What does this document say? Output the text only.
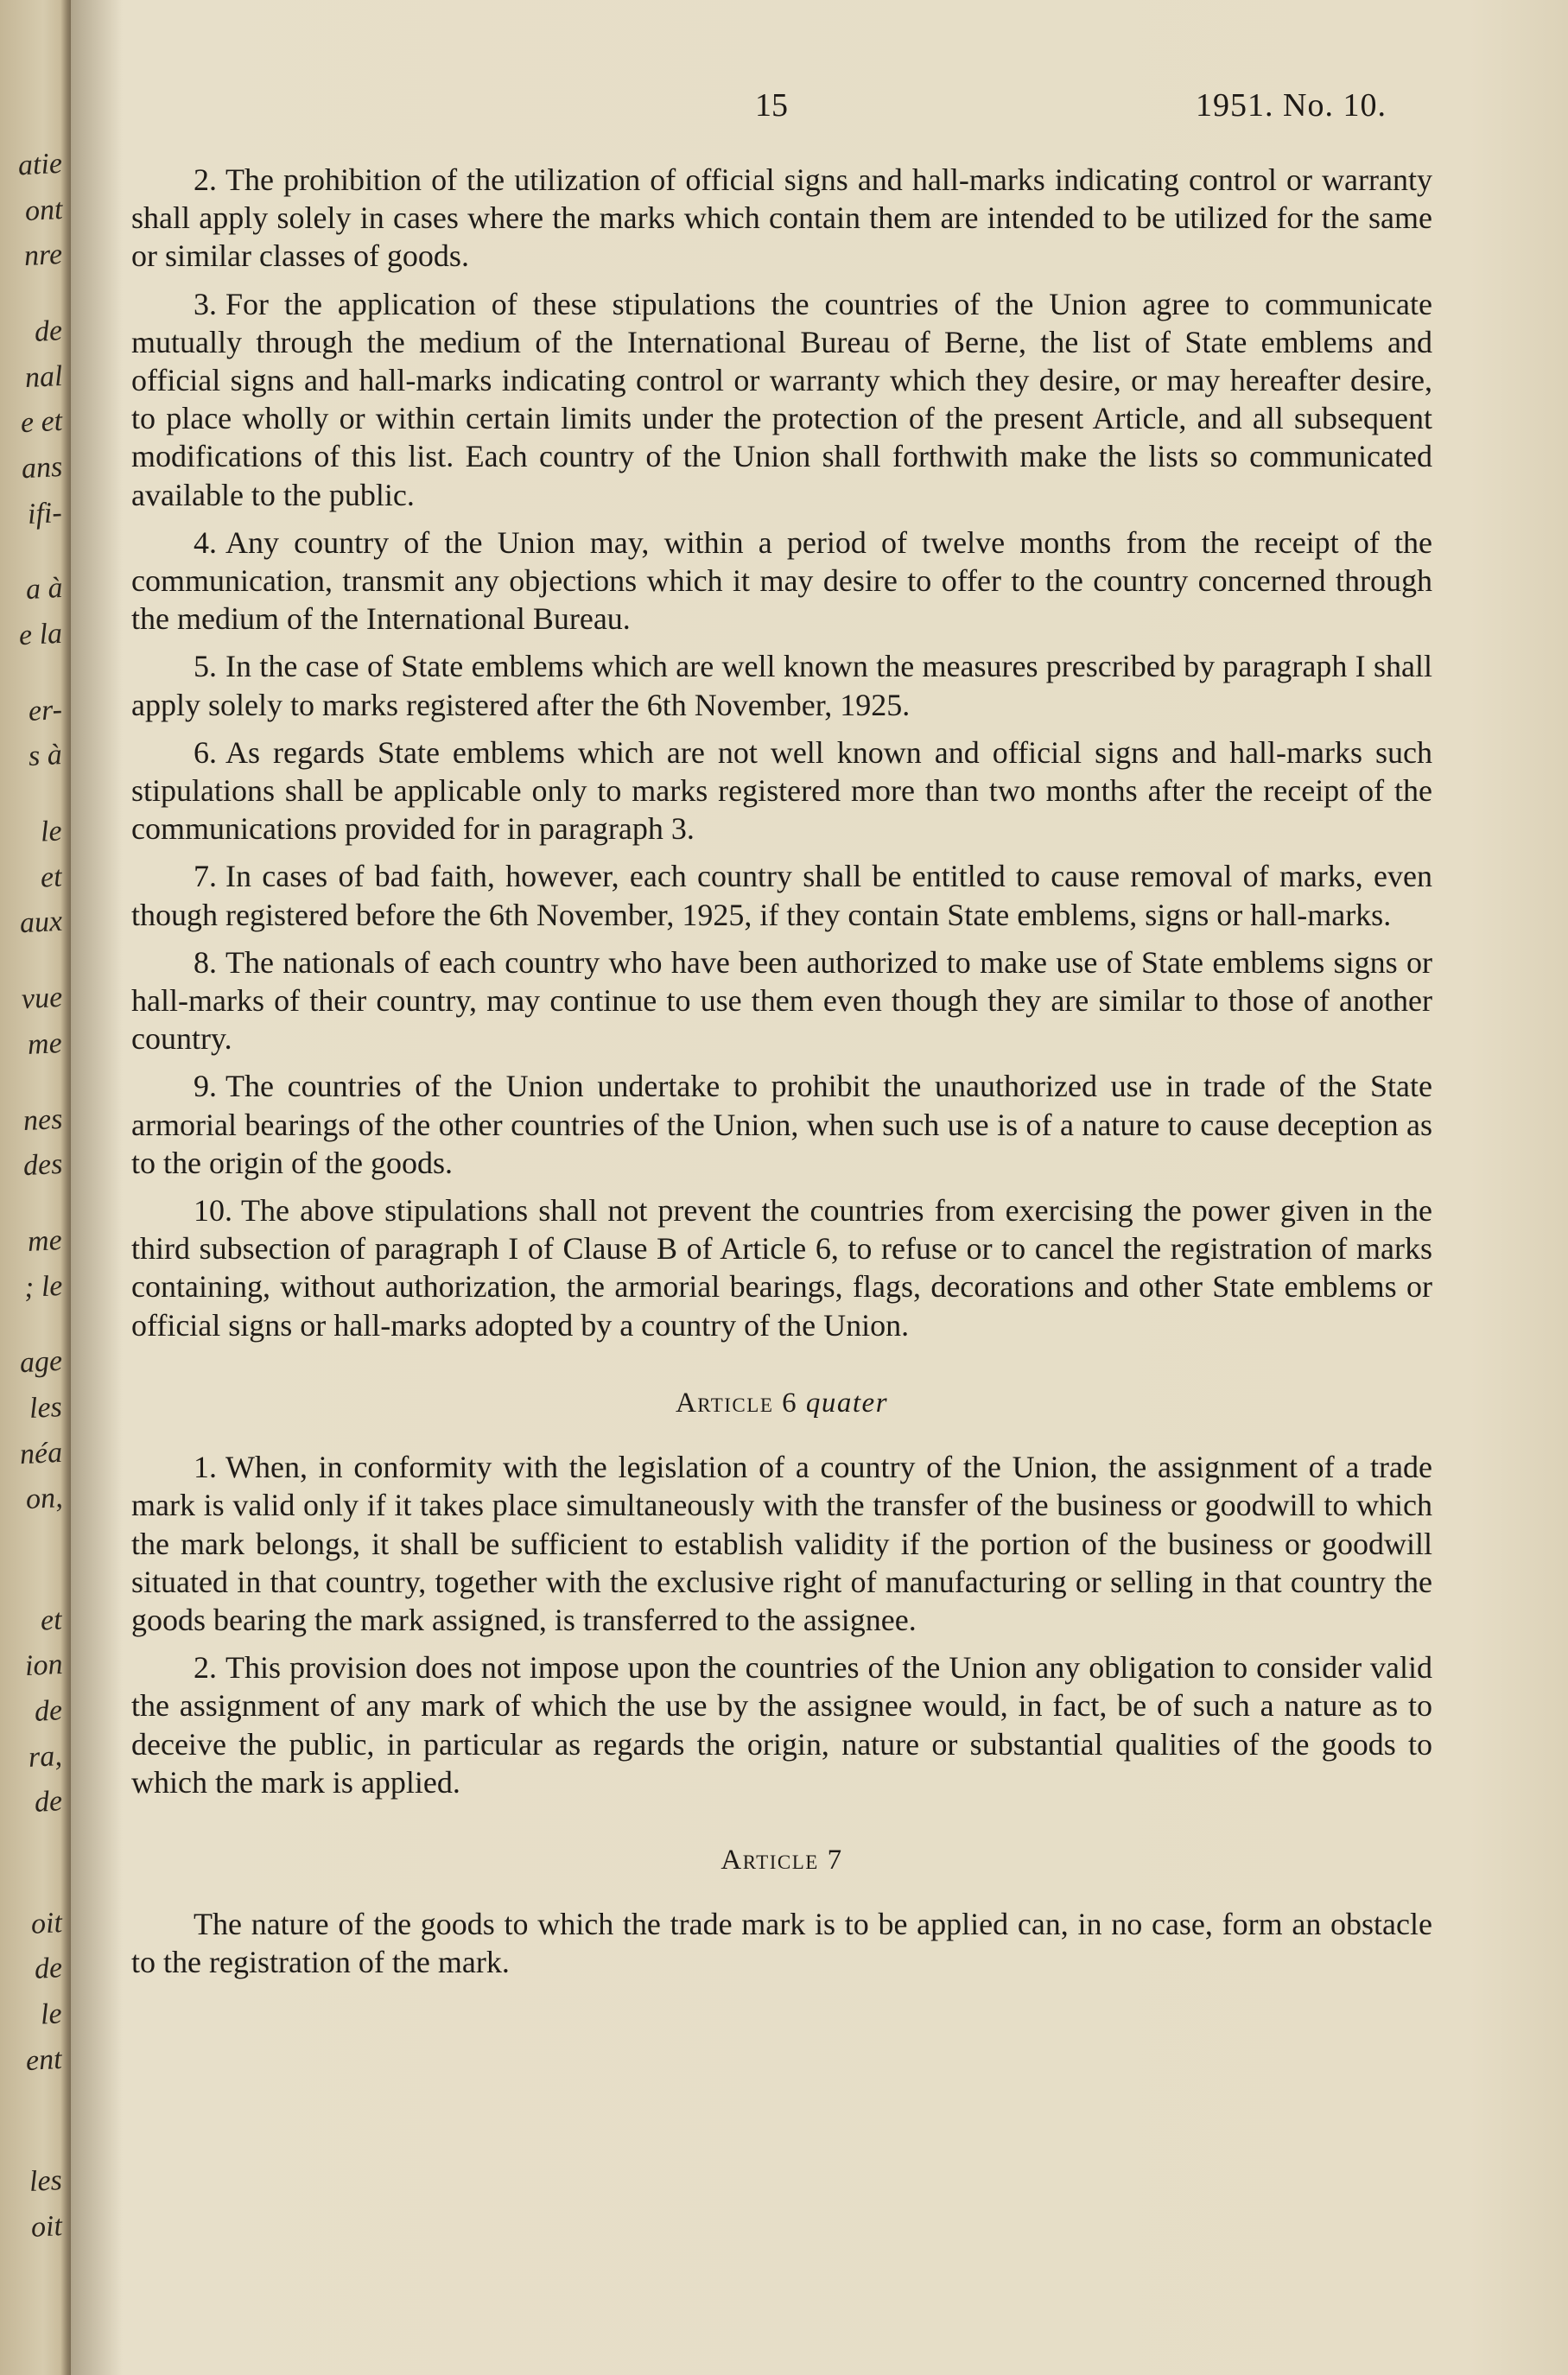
atie
ont
nre
de
nal
e et
ans
ifi-
a à
e la
er-
s à
le
et
aux
vue
me
nes
des
me
; le
age
les
néa
on,
et
ion
de
ra,
de
oit
de
le
ent
les
oit
15	1951. No. 10.

2. The prohibition of the utilization of official signs and hall-marks indicating control or warranty shall apply solely in cases where the marks which contain them are intended to be utilized for the same or similar classes of goods.

3. For the application of these stipulations the countries of the Union agree to communicate mutually through the medium of the International Bureau of Berne, the list of State emblems and official signs and hall-marks indicating control or warranty which they desire, or may hereafter desire, to place wholly or within certain limits under the protection of the present Article, and all subsequent modifications of this list. Each country of the Union shall forthwith make the lists so communicated available to the public.

4. Any country of the Union may, within a period of twelve months from the receipt of the communication, transmit any objections which it may desire to offer to the country concerned through the medium of the International Bureau.

5. In the case of State emblems which are well known the measures prescribed by paragraph I shall apply solely to marks registered after the 6th November, 1925.

6. As regards State emblems which are not well known and official signs and hall-marks such stipulations shall be applicable only to marks registered more than two months after the receipt of the communications provided for in paragraph 3.

7. In cases of bad faith, however, each country shall be entitled to cause removal of marks, even though registered before the 6th November, 1925, if they contain State emblems, signs or hall-marks.

8. The nationals of each country who have been authorized to make use of State emblems signs or hall-marks of their country, may continue to use them even though they are similar to those of another country.

9. The countries of the Union undertake to prohibit the unauthorized use in trade of the State armorial bearings of the other countries of the Union, when such use is of a nature to cause deception as to the origin of the goods.

10. The above stipulations shall not prevent the countries from exercising the power given in the third subsection of paragraph I of Clause B of Article 6, to refuse or to cancel the registration of marks containing, without authorization, the armorial bearings, flags, decorations and other State emblems or official signs or hall-marks adopted by a country of the Union.

Article 6 quater

1. When, in conformity with the legislation of a country of the Union, the assignment of a trade mark is valid only if it takes place simultaneously with the transfer of the business or goodwill to which the mark belongs, it shall be sufficient to establish validity if the portion of the business or goodwill situated in that country, together with the exclusive right of manufacturing or selling in that country the goods bearing the mark assigned, is transferred to the assignee.

2. This provision does not impose upon the countries of the Union any obligation to consider valid the assignment of any mark of which the use by the assignee would, in fact, be of such a nature as to deceive the public, in particular as regards the origin, nature or substantial qualities of the goods to which the mark is applied.

Article 7

The nature of the goods to which the trade mark is to be applied can, in no case, form an obstacle to the registration of the mark.
